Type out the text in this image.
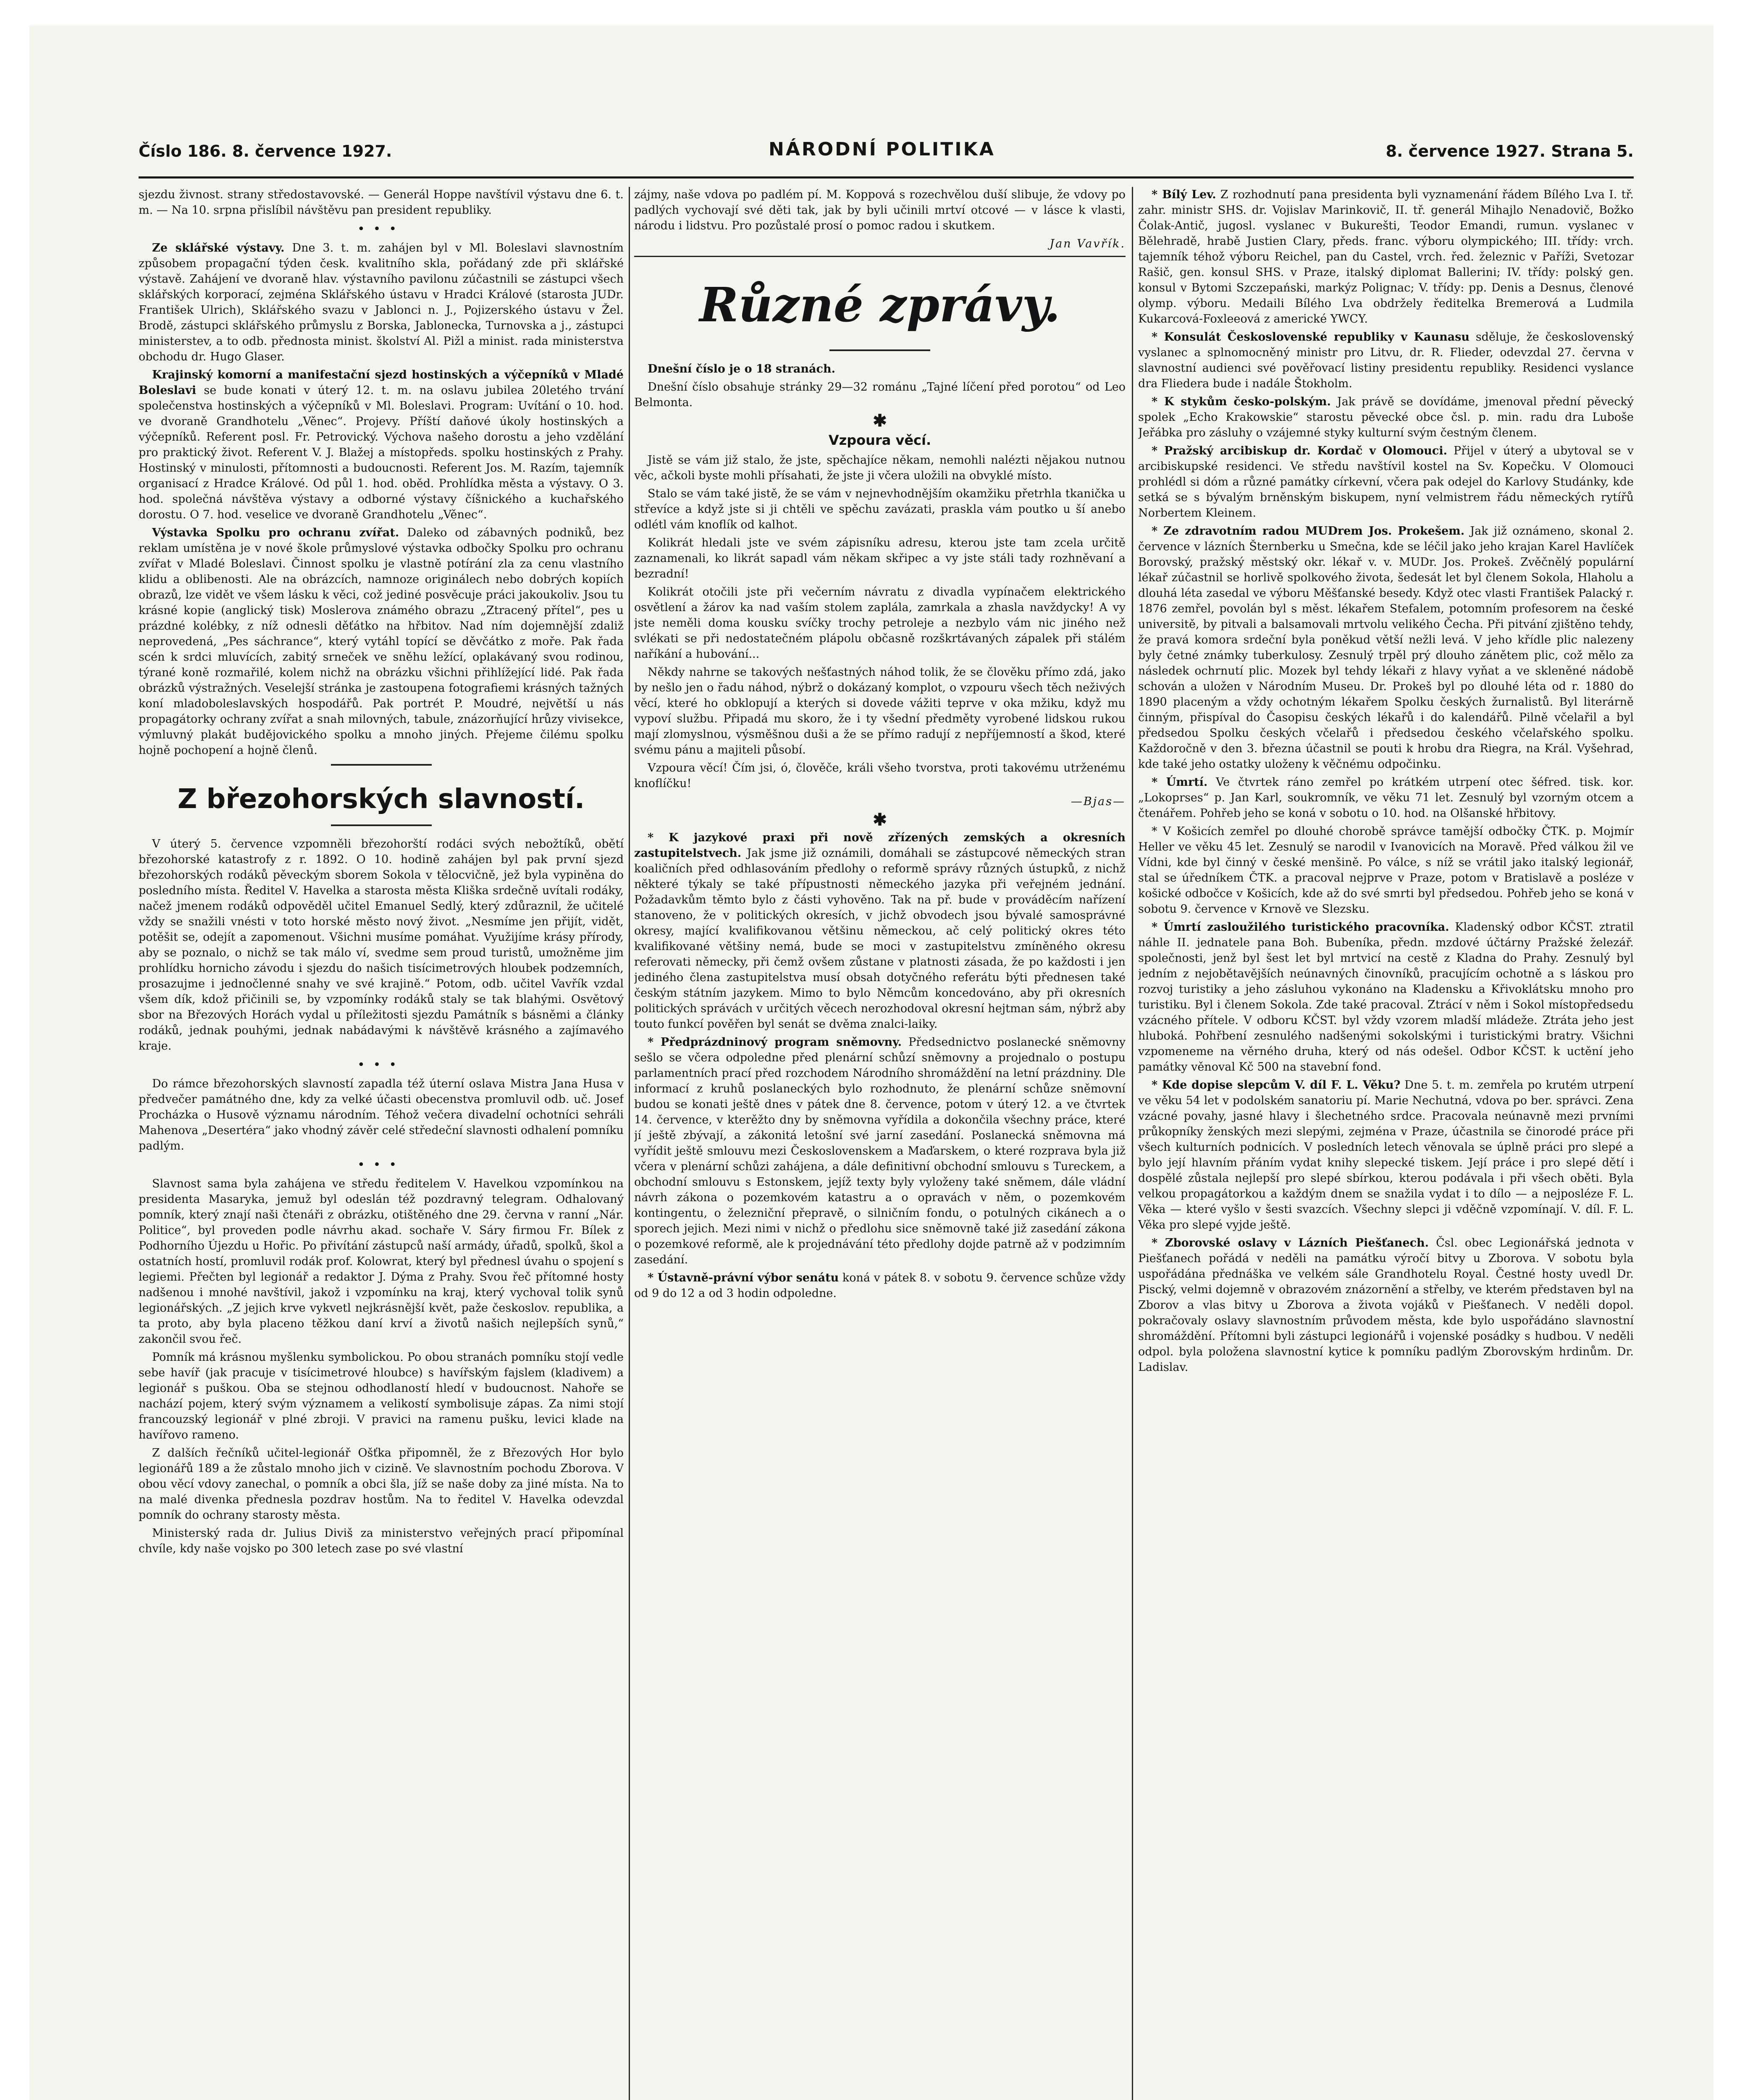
Číslo 186. 8. července 1927.	NÁRODNÍ POLITIKA	8. července 1927. Strana 5.

sjezdu živnost. strany středostavovské. — Generál Hoppe navštívil výstavu dne 6. t. m. — Na 10. srpna přislíbil návštěvu pan president republiky.

•••

Ze sklářské výstavy. Dne 3. t. m. zahájen byl v Ml. Boleslavi slavnostním způsobem propagační týden česk. kvalitního skla, pořádaný zde při sklářské výstavě. Zahájení ve dvoraně hlav. výstavního pavilonu zúčastnili se zástupci všech sklářských korporací, zejména Sklářského ústavu v Hradci Králové (starosta JUDr. František Ulrich), Sklářského svazu v Jablonci n. J., Pojizerského ústavu v Žel. Brodě, zástupci sklářského průmyslu z Borska, Jablonecka, Turnovska a j., zástupci ministerstev, a to odb. přednosta minist. školství Al. Pižl a minist. rada ministerstva obchodu dr. Hugo Glaser.

Krajinský komorní a manifestační sjezd hostinských a výčepníků v Mladé Boleslavi se bude konati v úterý 12. t. m. na oslavu jubilea 20letého trvání společenstva hostinských a výčepníků v Ml. Boleslavi. Program: Uvítání o 10. hod. ve dvoraně Grandhotelu „Věnec“. Projevy. Příští daňové úkoly hostinských a výčepníků. Referent posl. Fr. Petrovický. Výchova našeho dorostu a jeho vzdělání pro praktický život. Referent V. J. Blažej a místopředs. spolku hostinských z Prahy. Hostinský v minulosti, přítomnosti a budoucnosti. Referent Jos. M. Razím, tajemník organisací z Hradce Králové. Od půl 1. hod. oběd. Prohlídka města a výstavy. O 3. hod. společná návštěva výstavy a odborné výstavy číšnického a kuchařského dorostu. O 7. hod. veselice ve dvoraně Grandhotelu „Věnec“.

Výstavka Spolku pro ochranu zvířat. Daleko od zábavných podniků, bez reklam umístěna je v nové škole průmyslové výstavka odbočky Spolku pro ochranu zvířat v Mladé Boleslavi. Činnost spolku je vlastně potírání zla za cenu vlastního klidu a oblibenosti. Ale na obrázcích, namnoze originálech nebo dobrých kopiích obrazů, lze vidět ve všem lásku k věci, což jediné posvěcuje práci jakoukoliv. Jsou tu krásné kopie (anglický tisk) Moslerova známého obrazu „Ztracený přítel“, pes u prázdné kolébky, z níž odnesli děťátko na hřbitov. Nad ním dojemnější zdaliž neprovedená, „Pes sáchrance“, který vytáhl topící se děvčátko z moře. Pak řada scén k srdci mluvících, zabitý srneček ve sněhu ležící, oplakávaný svou rodinou, týrané koně rozmařilé, kolem nichž na obrázku všichni přihlížející lidé. Pak řada obrázků výstražných. Veselejší stránka je zastoupena fotografiemi krásných tažných koní mladoboleslavských hospodářů. Pak portrét P. Moudré, největší u nás propagátorky ochrany zvířat a snah milovných, tabule, znázorňující hrůzy vivisekce, výmluvný plakát budějovického spolku a mnoho jiných. Přejeme čilému spolku hojně pochopení a hojně členů.

Z březohorských slavností.

V úterý 5. července vzpomněli březohorští rodáci svých nebožtíků, obětí březohorské katastrofy z r. 1892. O 10. hodině zahájen byl pak první sjezd březohorských rodáků pěveckým sborem Sokola v tělocvičně, jež byla vypiněna do posledního místa. Ředitel V. Havelka a starosta města Kliška srdečně uvítali rodáky, načež jmenem rodáků odpověděl učitel Emanuel Sedlý, který zdůraznil, že učitelé vždy se snažili vnésti v toto horské město nový život. „Nesmíme jen přijít, vidět, potěšit se, odejít a zapomenout. Všichni musíme pomáhat. Využijíme krásy přírody, aby se poznalo, o nichž se tak málo ví, svedme sem proud turistů, umožněme jim prohlídku hornicho závodu i sjezdu do našich tisícimetrových hloubek podzemních, prosazujme i jednočlenné snahy ve své krajině.“ Potom, odb. učitel Vavřík vzdal všem dík, kdož přičinili se, by vzpomínky rodáků staly se tak blahými. Osvětový sbor na Březových Horách vydal u příležitosti sjezdu Památník s básněmi a články rodáků, jednak pouhými, jednak nabádavými k návštěvě krásného a zajímavého kraje.

•••

Do rámce březohorských slavností zapadla též úterní oslava Mistra Jana Husa v předvečer památného dne, kdy za velké účasti obecenstva promluvil odb. uč. Josef Procházka o Husově významu národním. Téhož večera divadelní ochotníci sehráli Mahenova „Desertéra“ jako vhodný závěr celé středeční slavnosti odhalení pomníku padlým.

•••

Slavnost sama byla zahájena ve středu ředitelem V. Havelkou vzpomínkou na presidenta Masaryka, jemuž byl odeslán též pozdravný telegram. Odhalovaný pomník, který znají naši čtenáři z obrázku, otištěného dne 29. června v ranní „Nár. Politice“, byl proveden podle návrhu akad. sochaře V. Sáry firmou Fr. Bílek z Podhorního Újezdu u Hořic. Po přivítání zástupců naší armády, úřadů, spolků, škol a ostatních hostí, promluvil rodák prof. Kolowrat, který byl přednesl úvahu o spojení s legiemi. Přečten byl legionář a redaktor J. Dýma z Prahy. Svou řeč přítomné hosty nadšenou i mnohé navštívil, jakož i vzpomínku na kraj, který vychoval tolik synů legionářských. „Z jejich krve vykvetl nejkrásnější květ, paže českoslov. republika, a ta proto, aby byla placeno těžkou daní krví a životů našich nejlepších synů,“ zakončil svou řeč.

Pomník má krásnou myšlenku symbolickou. Po obou stranách pomníku stojí vedle sebe havíř (jak pracuje v tisícimetrové hloubce) s havířským fajslem (kladivem) a legionář s puškou. Oba se stejnou odhodlaností hledí v budoucnost. Nahoře se nachází pojem, který svým významem a velikostí symbolisuje zápas. Za nimi stojí francouzský legionář v plné zbroji. V pravici na ramenu pušku, levici klade na havířovo rameno.

Z dalších řečníků učitel-legionář Ošťka připomněl, že z Březových Hor bylo legionářů 189 a že zůstalo mnoho jich v cizině. Ve slavnostním pochodu Zborova. V obou věcí vdovy zanechal, o pomník a obci šla, jíž se naše doby za jiné místa. Na to na malé divenka přednesla pozdrav hostům. Na to ředitel V. Havelka odevzdal pomník do ochrany starosty města.

Ministerský rada dr. Julius Diviš za ministerstvo veřejných prací připomínal chvíle, kdy naše vojsko po 300 letech zase po své vlastní

zájmy, naše vdova po padlém pí. M. Koppová s rozechvělou duší slibuje, že vdovy po padlých vychovají své děti tak, jak by byli učinili mrtví otcové — v lásce k vlasti, národu i lidstvu. Pro pozůstalé prosí o pomoc radou i skutkem.

Jan Vavřík.

Různé zprávy.

Dnešní číslo je o 18 stranách.

Dnešní číslo obsahuje stránky 29—32 románu „Tajné líčení před porotou“ od Leo Belmonta.

✱
Vzpoura věcí.

Jistě se vám již stalo, že jste, spěchajíce někam, nemohli nalézti nějakou nutnou věc, ačkoli byste mohli přísahati, že jste ji včera uložili na obvyklé místo.

Stalo se vám také jistě, že se vám v nejnevhodnějším okamžiku přetrhla tkanička u střevíce a když jste si ji chtěli ve spěchu zavázati, praskla vám poutko u ší anebo odlétl vám knoflík od kalhot.

Kolikrát hledali jste ve svém zápisníku adresu, kterou jste tam zcela určitě zaznamenali, ko likrát sapadl vám někam skřipec a vy jste stáli tady rozhněvaní a bezradní!

Kolikrát otočili jste při večerním návratu z divadla vypínačem elektrického osvětlení a žárov ka nad vaším stolem zaplála, zamrkala a zhasla navždycky! A vy jste neměli doma kousku svíčky trochy petroleje a nezbylo vám nic jiného než svlékati se při nedostatečném plápolu občasně rozškrtávaných zápalek při stálém naříkání a hubování...

Někdy nahrne se takových nešťastných náhod tolik, že se člověku přímo zdá, jako by nešlo jen o řadu náhod, nýbrž o dokázaný komplot, o vzpouru všech těch neživých věcí, které ho obklopují a kterých si dovede vážiti teprve v oka mžiku, když mu vypoví službu. Připadá mu skoro, že i ty všední předměty vyrobené lidskou rukou mají zlomyslnou, výsměšnou duši a že se přímo radují z nepříjemností a škod, které svému pánu a majiteli působí.

Vzpoura věcí! Čím jsi, ó, člověče, králi všeho tvorstva, proti takovému utrženému knoflíčku!

—Bjas—

✱

* K jazykové praxi při nově zřízených zemských a okresních zastupitelstvech. Jak jsme již oznámili, domáhali se zástupcové německých stran koaličních před odhlasováním předlohy o reformě správy různých ústupků, z nichž některé týkaly se také přípustnosti německého jazyka při veřejném jednání. Požadavkům těmto bylo z části vyhověno. Tak na př. bude v prováděcím nařízení stanoveno, že v politických okresích, v jichž obvodech jsou bývalé samosprávné okresy, mající kvalifikovanou většinu německou, ač celý politický okres této kvalifikované většiny nemá, bude se moci v zastupitelstvu zmíněného okresu referovati německy, při čemž ovšem zůstane v platnosti zásada, že po každosti i jen jediného člena zastupitelstva musí obsah dotyčného referátu býti přednesen také českým státním jazykem. Mimo to bylo Němcům koncedováno, aby při okresních politických správách v určitých věcech nerozhodoval okresní hejtman sám, nýbrž aby touto funkcí pověřen byl senát se dvěma znalci-laiky.

* Předprázdninový program sněmovny. Předsednictvo poslanecké sněmovny sešlo se včera odpoledne před plenární schůzí sněmovny a projednalo o postupu parlamentních prací před rozchodem Národního shromáždění na letní prázdniny. Dle informací z kruhů poslaneckých bylo rozhodnuto, že plenární schůze sněmovní budou se konati ještě dnes v pátek dne 8. července, potom v úterý 12. a ve čtvrtek 14. července, v kterěžto dny by sněmovna vyřídila a dokončila všechny práce, které jí ještě zbývají, a zákonitá letošní své jarní zasedání. Poslanecká sněmovna má vyřídit ještě smlouvu mezi Československem a Maďarskem, o které rozprava byla již včera v plenární schůzi zahájena, a dále definitivní obchodní smlouvu s Tureckem, a obchodní smlouvu s Estonskem, jejíž texty byly vyloženy také sněmem, dále vládní návrh zákona o pozemkovém katastru a o opravách v něm, o pozemkovém kontingentu, o železniční přepravě, o silničním fondu, o potulných cikánech a o sporech jejich. Mezi nimi v nichž o předlohu sice sněmovně také již zasedání zákona o pozemkové reformě, ale k projednávání této předlohy dojde patrně až v podzimním zasedání.

* Ústavně-právní výbor senátu koná v pátek 8. v sobotu 9. července schůze vždy od 9 do 12 a od 3 hodin odpoledne.

* Bílý Lev. Z rozhodnutí pana presidenta byli vyznamenání řádem Bílého Lva I. tř. zahr. ministr SHS. dr. Vojislav Marinkovič, II. tř. generál Mihajlo Nenadovič, Božko Čolak-Antič, jugosl. vyslanec v Bukurešti, Teodor Emandi, rumun. vyslanec v Bělehradě, hrabě Justien Clary, předs. franc. výboru olympického; III. třídy: vrch. tajemník téhož výboru Reichel, pan du Castel, vrch. řed. železnic v Paříži, Svetozar Rašič, gen. konsul SHS. v Praze, italský diplomat Ballerini; IV. třídy: polský gen. konsul v Bytomi Szczepański, markýz Polignac; V. třídy: pp. Denis a Desnus, členové olymp. výboru. Medaili Bílého Lva obdržely ředitelka Bremerová a Ludmila Kukarcová-Foxleeová z americké YWCY.

* Konsulát Československé republiky v Kaunasu sděluje, že československý vyslanec a splnomocněný ministr pro Litvu, dr. R. Flieder, odevzdal 27. června v slavnostní audienci své pověřovací listiny presidentu republiky. Residenci vyslance dra Fliedera bude i nadále Štokholm.

* K stykům česko-polským. Jak právě se dovídáme, jmenoval přední pěvecký spolek „Echo Krakowskie“ starostu pěvecké obce čsl. p. min. radu dra Luboše Jeřábka pro zásluhy o vzájemné styky kulturní svým čestným členem.

* Pražský arcibiskup dr. Kordač v Olomouci. Přijel v úterý a ubytoval se v arcibiskupské residenci. Ve středu navštívil kostel na Sv. Kopečku. V Olomouci prohlédl si dóm a různé památky církevní, včera pak odejel do Karlovy Studánky, kde setká se s bývalým brněnským biskupem, nyní velmistrem řádu německých rytířů Norbertem Kleinem.

* Ze zdravotním radou MUDrem Jos. Prokešem. Jak již oznámeno, skonal 2. července v lázních Šternberku u Smečna, kde se léčil jako jeho krajan Karel Havlíček Borovský, pražský městský okr. lékař v. v. MUDr. Jos. Prokeš. Zvěčnělý populární lékař zúčastnil se horlivě spolkového života, šedesát let byl členem Sokola, Hlaholu a dlouhá léta zasedal ve výboru Měšťanské besedy. Když otec vlasti František Palacký r. 1876 zemřel, povolán byl s měst. lékařem Stefalem, potomním profesorem na české universitě, by pitvali a balsamovali mrtvolu velikého Čecha. Při pitvání zjištěno tehdy, že pravá komora srdeční byla poněkud větší nežli levá. V jeho křídle plic nalezeny byly četné známky tuberkulosy. Zesnulý trpěl prý dlouho zánětem plic, což mělo za následek ochrnutí plic. Mozek byl tehdy lékaři z hlavy vyňat a ve skleněné nádobě schován a uložen v Národním Museu. Dr. Prokeš byl po dlouhé léta od r. 1880 do 1890 placeným a vždy ochotným lékařem Spolku českých žurnalistů. Byl literárně činným, přispíval do Časopisu českých lékařů i do kalendářů. Pilně včelařil a byl předsedou Spolku českých včelařů i předsedou českého včelařského spolku. Každoročně v den 3. března účastnil se pouti k hrobu dra Riegra, na Král. Vyšehrad, kde také jeho ostatky uloženy k věčnému odpočinku.

* Úmrtí. Ve čtvrtek ráno zemřel po krátkém utrpení otec šéfred. tisk. kor. „Lokoprses“ p. Jan Karl, soukromník, ve věku 71 let. Zesnulý byl vzorným otcem a čtenářem. Pohřeb jeho se koná v sobotu o 10. hod. na Olšanské hřbitovy.

* V Košicích zemřel po dlouhé chorobě správce tamější odbočky ČTK. p. Mojmír Heller ve věku 45 let. Zesnulý se narodil v Ivanovicích na Moravě. Před válkou žil ve Vídni, kde byl činný v české menšině. Po válce, s níž se vrátil jako italský legionář, stal se úředníkem ČTK. a pracoval nejprve v Praze, potom v Bratislavě a posléze v košické odbočce v Košicích, kde až do své smrti byl předsedou. Pohřeb jeho se koná v sobotu 9. července v Krnově ve Slezsku.

* Úmrtí zasloužilého turistického pracovníka. Kladenský odbor KČST. ztratil náhle II. jednatele pana Boh. Bubeníka, předn. mzdové účtárny Pražské železář. společnosti, jenž byl šest let byl mrtvicí na cestě z Kladna do Prahy. Zesnulý byl jedním z nejobětavějších neúnavných činovníků, pracujícím ochotně a s láskou pro rozvoj turistiky a jeho zásluhou vykonáno na Kladensku a Křivoklátsku mnoho pro turistiku. Byl i členem Sokola. Zde také pracoval. Ztrácí v něm i Sokol místopředsedu vzácného přítele. V odboru KČST. byl vždy vzorem mladší mládeže. Ztráta jeho jest hluboká. Pohřbení zesnulého nadšenými sokolskými i turistickými bratry. Všichni vzpomeneme na věrného druha, který od nás odešel. Odbor KČST. k uctění jeho památky věnoval Kč 500 na stavební fond.

* Kde dopise slepcům V. díl F. L. Věku? Dne 5. t. m. zemřela po krutém utrpení ve věku 54 let v podolském sanatoriu pí. Marie Nechutná, vdova po ber. správci. Zena vzácné povahy, jasné hlavy i šlechetného srdce. Pracovala neúnavně mezi prvními průkopníky ženských mezi slepými, zejména v Praze, účastnila se činorodé práce při všech kulturních podnicích. V posledních letech věnovala se úplně práci pro slepé a bylo její hlavním přáním vydat knihy slepecké tiskem. Její práce i pro slepé dětí i dospělé zůstala nejlepší pro slepé sbírkou, kterou podávala i při všech oběti. Byla velkou propagátorkou a každým dnem se snažila vydat i to dílo — a nejposléze F. L. Věka — které vyšlo v šesti svazcích. Všechny slepci ji vděčně vzpomínají. V. díl. F. L. Věka pro slepé vyjde ještě.

* Zborovské oslavy v Lázních Piešťanech. Čsl. obec Legionářská jednota v Piešťanech pořádá v neděli na památku výročí bitvy u Zborova. V sobotu byla uspořádána přednáška ve velkém sále Grandhotelu Royal. Čestné hosty uvedl Dr. Piscký, velmi dojemně v obrazovém znázornění a střelby, ve kterém představen byl na Zborov a vlas bitvy u Zborova a života vojáků v Piešťanech. V neděli dopol. pokračovaly oslavy slavnostním průvodem města, kde bylo uspořádáno slavnostní shromáždění. Přítomni byli zástupci legionářů i vojenské posádky s hudbou. V neděli odpol. byla položena slavnostní kytice k pomníku padlým Zborovským hrdinům. Dr. Ladislav.
